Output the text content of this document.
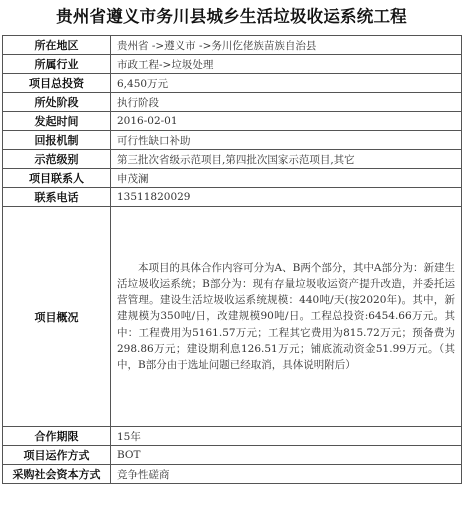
贵州省遵义市务川县城乡生活垃圾收运系统工程
所在地区	贵州省 ->遵义市 ->务川仡佬族苗族自治县
所属行业	市政工程->垃圾处理
项目总投资	6,450万元
所处阶段	执行阶段
发起时间	2016-02-01
回报机制	可行性缺口补助
示范级别	第三批次省级示范项目,第四批次国家示范项目,其它
项目联系人	申茂澜
联系电话	13511820029
项目概况	本项目的具体合作内容可分为A、B两个部分，其中A部分为：新建生活垃圾收运系统；B部分为：现有存量垃圾收运资产提升改造，并委托运营管理。建设生活垃圾收运系统规模：440吨/天(按2020年)。其中，新建规模为350吨/日，改建规模90吨/日。工程总投资:6454.66万元。其中：工程费用为5161.57万元；工程其它费用为815.72万元；预备费为298.86万元；建设期利息126.51万元；铺底流动资金51.99万元。（其中，B部分由于选址问题已经取消，具体说明附后）

合作期限	15年
项目运作方式	BOT
采购社会资本方式	竞争性磋商
